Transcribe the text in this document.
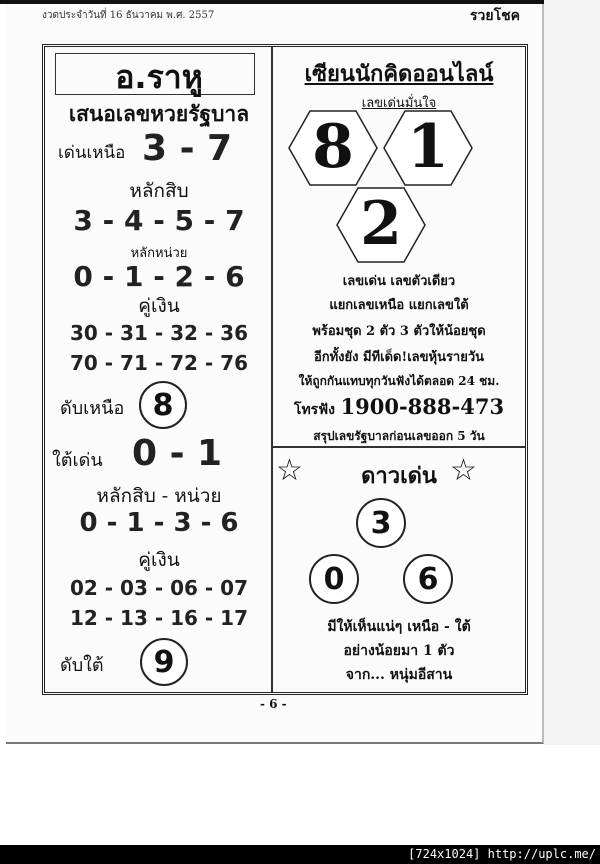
งวดประจำวันที่ 16 ธันวาคม พ.ศ. 2557	รวยโชค
อ.ราหู
เสนอเลขหวยรัฐบาล
เด่นเหนือ 3 - 7
หลักสิบ
3 - 4 - 5 - 7
หลักหน่วย
0 - 1 - 2 - 6
คู่เงิน
30 - 31 - 32 - 36
70 - 71 - 72 - 76
ดับเหนือ 8
ใต้เด่น 0 - 1
หลักสิบ - หน่วย
0 - 1 - 3 - 6
คู่เงิน
02 - 03 - 06 - 07
12 - 13 - 16 - 17
ดับใต้	9
เซียนนักคิดออนไลน์
เลขเด่นมั่นใจ
8 1
2
เลขเด่น เลขตัวเดียว
แยกเลขเหนือ แยกเลขใต้
พร้อมชุด 2 ตัว 3 ตัวให้น้อยชุด
อีกทั้งยัง มีทีเด็ด!เลขหุ้นรายวัน
ให้ถูกกันแทบทุกวันฟังได้ตลอด 24 ชม.
โทรฟัง 1900-888-473
สรุปเลขรัฐบาลก่อนเลขออก 5 วัน
☆	☆
ดาวเด่น
3
0	6
มีให้เห็นแน่ๆ เหนือ - ใต้
อย่างน้อยมา 1 ตัว
จาก... หนุ่มอีสาน
- 6 -
[724x1024] http://uplc.me/
